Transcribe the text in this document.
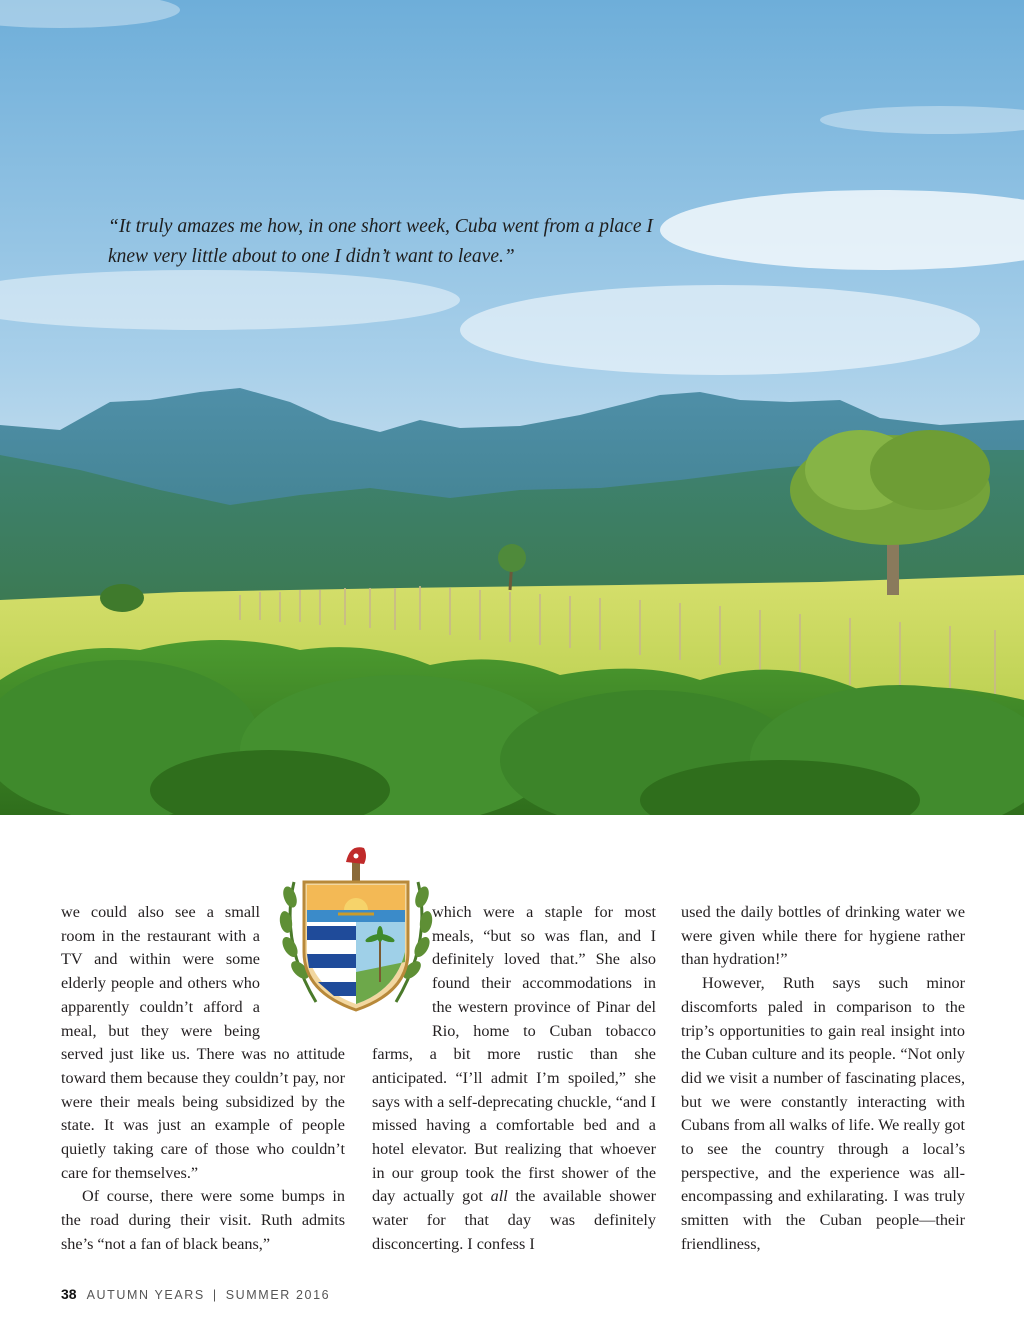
“It truly amazes me how, in one short week, Cuba went from a place I knew very little about to one I didn’t want to leave.”

we could also see a small room in the restaurant with a TV and within were some elderly people and others who apparently couldn’t afford a meal, but they were being served just like us. There was no attitude toward them because they couldn’t pay, nor were their meals being subsidized by the state. It was just an example of people quietly taking care of those who couldn’t care for themselves.”

Of course, there were some bumps in the road during their visit. Ruth admits she’s “not a fan of black beans,”

which were a staple for most meals, “but so was flan, and I definitely loved that.” She also found their accommodations in the western province of Pinar del Rio, home to Cuban tobacco farms, a bit more rustic than she anticipated. “I’ll admit I’m spoiled,” she says with a self-deprecating chuckle, “and I missed having a comfortable bed and a hotel elevator. But realizing that whoever in our group took the first shower of the day actually got all the available shower water for that day was definitely disconcerting. I confess I

used the daily bottles of drinking water we were given while there for hygiene rather than hydration!”

However, Ruth says such minor discomforts paled in comparison to the trip’s opportunities to gain real insight into the Cuban culture and its people. “Not only did we visit a number of fascinating places, but we were constantly interacting with Cubans from all walks of life. We really got to see the country through a local’s perspective, and the experience was all-encompassing and exhilarating. I was truly smitten with the Cuban people—their friendliness,

38 AUTUMN YEARS | SUMMER 2016
